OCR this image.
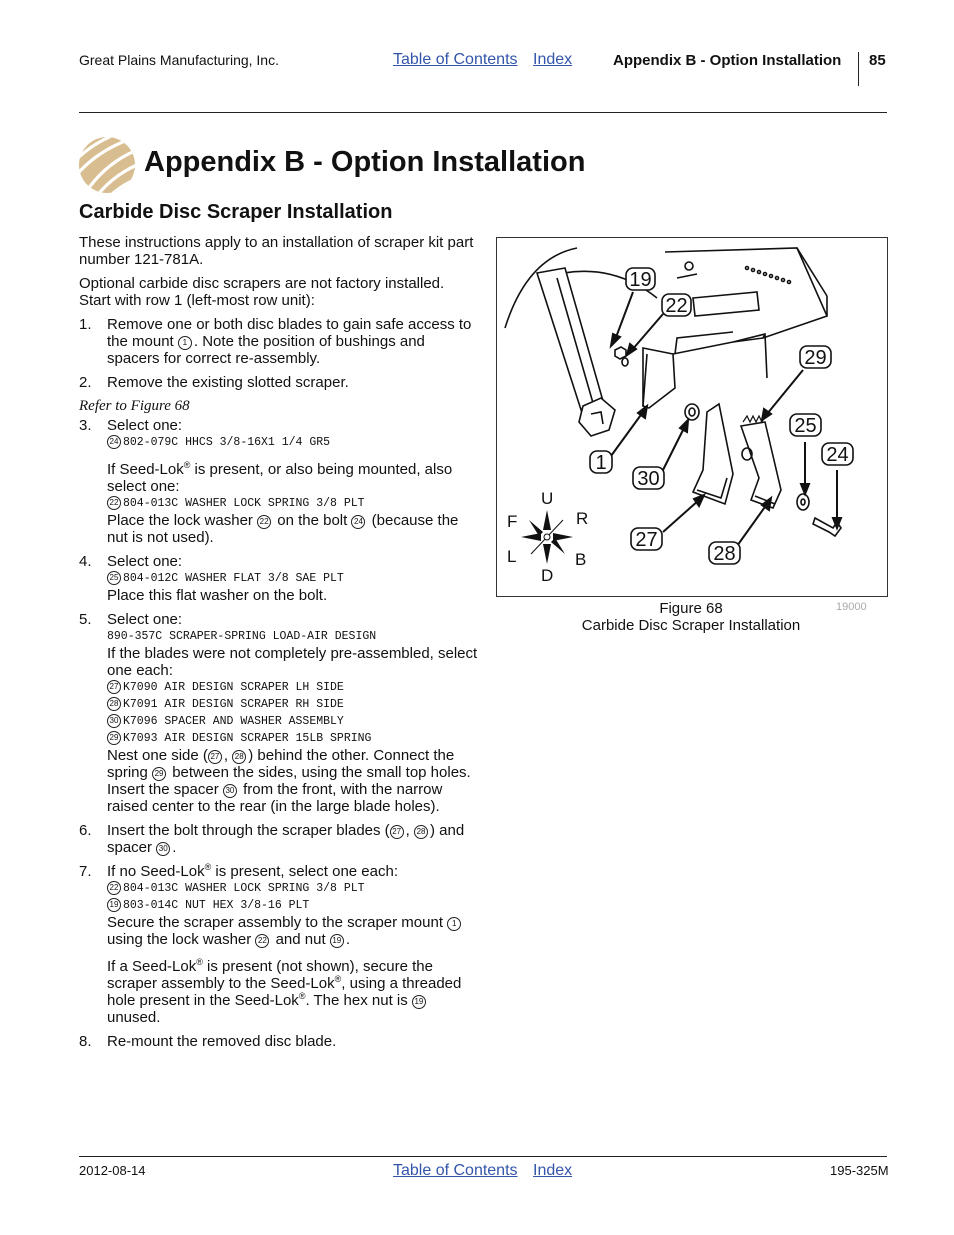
Great Plains Manufacturing, Inc.	Table of Contents Index	Appendix B - Option Installation 85
Appendix B - Option Installation
Carbide Disc Scraper Installation

These instructions apply to an installation of scraper kit part number 121-781A.

Optional carbide disc scrapers are not factory installed. Start with row 1 (left-most row unit):

1. Remove one or both disc blades to gain safe access to the mount 1 . Note the position of bushings and spacers for correct re-assembly.
2. Remove the existing slotted scraper.
Refer to Figure 68
3. Select one:
24 802-079C HHCS 3/8-16X1 1/4 GR5
If Seed-Lok® is present, or also being mounted, also select one:
22 804-013C WASHER LOCK SPRING 3/8 PLT
Place the lock washer 22 on the bolt 24 (because the nut is not used).
4. Select one:
25 804-012C WASHER FLAT 3/8 SAE PLT
Place this flat washer on the bolt.
5. Select one:
890-357C SCRAPER-SPRING LOAD-AIR DESIGN
If the blades were not completely pre-assembled, select one each:
27 K7090 AIR DESIGN SCRAPER LH SIDE
28 K7091 AIR DESIGN SCRAPER RH SIDE
30 K7096 SPACER AND WASHER ASSEMBLY
29 K7093 AIR DESIGN SCRAPER 15LB SPRING
Nest one side ( 27 , 28 ) behind the other. Connect the spring 29 between the sides, using the small top holes. Insert the spacer 30 from the front, with the narrow raised center to the rear (in the large blade holes).
6. Insert the bolt through the scraper blades ( 27 , 28 ) and spacer 30 .
7. If no Seed-Lok® is present, select one each:
22 804-013C WASHER LOCK SPRING 3/8 PLT
19 803-014C NUT HEX 3/8-16 PLT
Secure the scraper assembly to the scraper mount 1 using the lock washer 22 and nut 19 .
If a Seed-Lok® is present (not shown), secure the scraper assembly to the Seed-Lok®, using a threaded hole present in the Seed-Lok®. The hex nut is 19 unused.
8. Re-mount the removed disc blade.
19
22
29
25
24
1
30
27
28
U
D
F	R
L	B
Figure 68
Carbide Disc Scraper Installation
19000
2012-08-14	Table of Contents Index	195-325M
